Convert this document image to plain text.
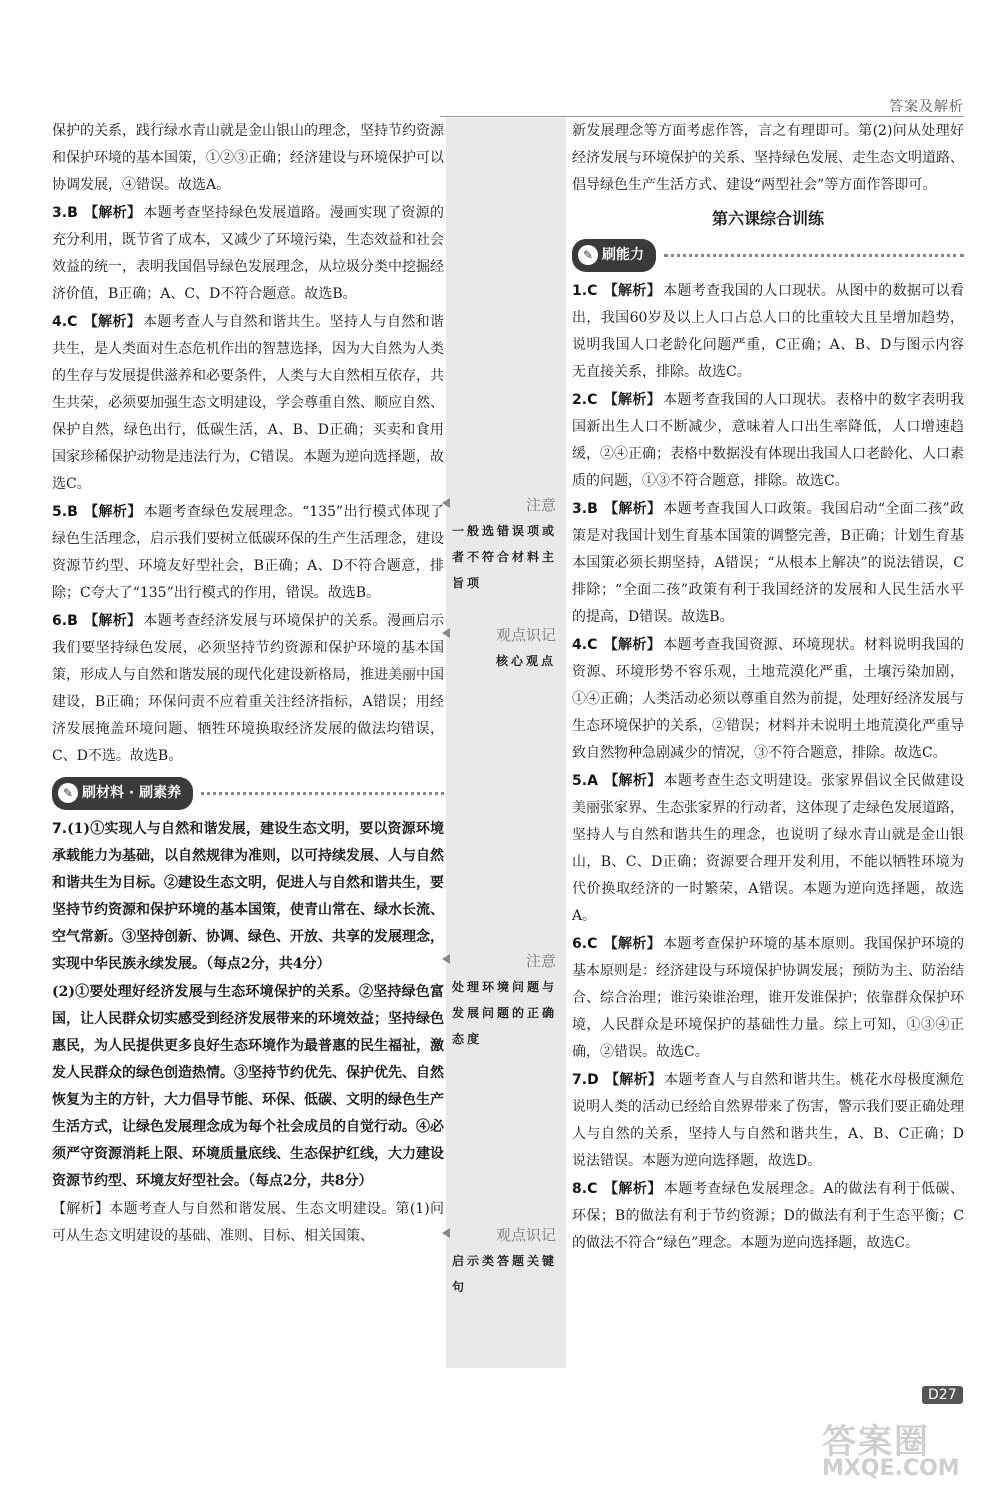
答案及解析
保护的关系，践行绿水青山就是金山银山的理念，坚持节约资源和保护环境的基本国策，①②③正确；经济建设与环境保护可以协调发展，④错误。故选A。
3.B 【解析】 本题考查坚持绿色发展道路。漫画实现了资源的充分利用，既节省了成本，又减少了环境污染，生态效益和社会效益的统一，表明我国倡导绿色发展理念，从垃圾分类中挖掘经济价值，B正确；A、C、D不符合题意。故选B。
4.C 【解析】 本题考查人与自然和谐共生。坚持人与自然和谐共生，是人类面对生态危机作出的智慧选择，因为大自然为人类的生存与发展提供滋养和必要条件，人类与大自然相互依存，共生共荣，必须要加强生态文明建设，学会尊重自然、顺应自然、保护自然，绿色出行，低碳生活，A、B、D正确；买卖和食用国家珍稀保护动物是违法行为，C错误。本题为逆向选择题，故选C。
5.B 【解析】 本题考查绿色发展理念。“135”出行模式体现了绿色生活理念，启示我们要树立低碳环保的生产生活理念，建设资源节约型、环境友好型社会，B正确；A、D不符合题意，排除；C夸大了“135”出行模式的作用，错误。故选B。
6.B 【解析】 本题考查经济发展与环境保护的关系。漫画启示我们要坚持绿色发展，必须坚持节约资源和保护环境的基本国策，形成人与自然和谐发展的现代化建设新格局，推进美丽中国建设，B正确；环保问责不应着重关注经济指标，A错误；用经济发展掩盖环境问题、牺牲环境换取经济发展的做法均错误，C、D不选。故选B。
✎ 刷材料 · 刷素养
7.(1)①实现人与自然和谐发展，建设生态文明，要以资源环境承载能力为基础，以自然规律为准则，以可持续发展、人与自然和谐共生为目标。②建设生态文明，促进人与自然和谐共生，要坚持节约资源和保护环境的基本国策，使青山常在、绿水长流、空气常新。③坚持创新、协调、绿色、开放、共享的发展理念，实现中华民族永续发展。（每点2分，共4分）
(2)①要处理好经济发展与生态环境保护的关系。②坚持绿色富国，让人民群众切实感受到经济发展带来的环境效益；坚持绿色惠民，为人民提供更多良好生态环境作为最普惠的民生福祉，激发人民群众的绿色创造热情。③坚持节约优先、保护优先、自然恢复为主的方针，大力倡导节能、环保、低碳、文明的绿色生产生活方式，让绿色发展理念成为每个社会成员的自觉行动。④必须严守资源消耗上限、环境质量底线、生态保护红线，大力建设资源节约型、环境友好型社会。（每点2分，共8分）
【解析】本题考查人与自然和谐发展、生态文明建设。第(1)问可从生态文明建设的基础、准则、目标、相关国策、
注意
一般选错误项或者不符合材料主旨项
观点识记
核心观点
注意
处理环境问题与发展问题的正确态度
观点识记
启示类答题关键句
新发展理念等方面考虑作答，言之有理即可。第(2)问从处理好经济发展与环境保护的关系、坚持绿色发展、走生态文明道路、倡导绿色生产生活方式、建设“两型社会”等方面作答即可。
第六课综合训练
✎ 刷能力
1.C 【解析】 本题考查我国的人口现状。从图中的数据可以看出，我国60岁及以上人口占总人口的比重较大且呈增加趋势，说明我国人口老龄化问题严重，C正确；A、B、D与图示内容无直接关系，排除。故选C。
2.C 【解析】 本题考查我国的人口现状。表格中的数字表明我国新出生人口不断减少，意味着人口出生率降低，人口增速趋缓，②④正确；表格中数据没有体现出我国人口老龄化、人口素质的问题，①③不符合题意，排除。故选C。
3.B 【解析】 本题考查我国人口政策。我国启动“全面二孩”政策是对我国计划生育基本国策的调整完善，B正确；计划生育基本国策必须长期坚持，A错误；“从根本上解决”的说法错误，C排除；“全面二孩”政策有利于我国经济的发展和人民生活水平的提高，D错误。故选B。
4.C 【解析】 本题考查我国资源、环境现状。材料说明我国的资源、环境形势不容乐观，土地荒漠化严重，土壤污染加剧，①④正确；人类活动必须以尊重自然为前提，处理好经济发展与生态环境保护的关系，②错误；材料并未说明土地荒漠化严重导致自然物种急剧减少的情况，③不符合题意，排除。故选C。
5.A 【解析】 本题考查生态文明建设。张家界倡议全民做建设美丽张家界、生态张家界的行动者，这体现了走绿色发展道路，坚持人与自然和谐共生的理念，也说明了绿水青山就是金山银山，B、C、D正确；资源要合理开发利用，不能以牺牲环境为代价换取经济的一时繁荣，A错误。本题为逆向选择题，故选A。
6.C 【解析】 本题考查保护环境的基本原则。我国保护环境的基本原则是：经济建设与环境保护协调发展；预防为主、防治结合、综合治理；谁污染谁治理，谁开发谁保护；依靠群众保护环境，人民群众是环境保护的基础性力量。综上可知，①③④正确，②错误。故选C。
7.D 【解析】 本题考查人与自然和谐共生。桃花水母极度濒危说明人类的活动已经给自然界带来了伤害，警示我们要正确处理人与自然的关系，坚持人与自然和谐共生，A、B、C正确；D说法错误。本题为逆向选择题，故选D。
8.C 【解析】 本题考查绿色发展理念。A的做法有利于低碳、环保；B的做法有利于节约资源；D的做法有利于生态平衡；C的做法不符合“绿色”理念。本题为逆向选择题，故选C。
D27
答案圈
MXQE.COM
